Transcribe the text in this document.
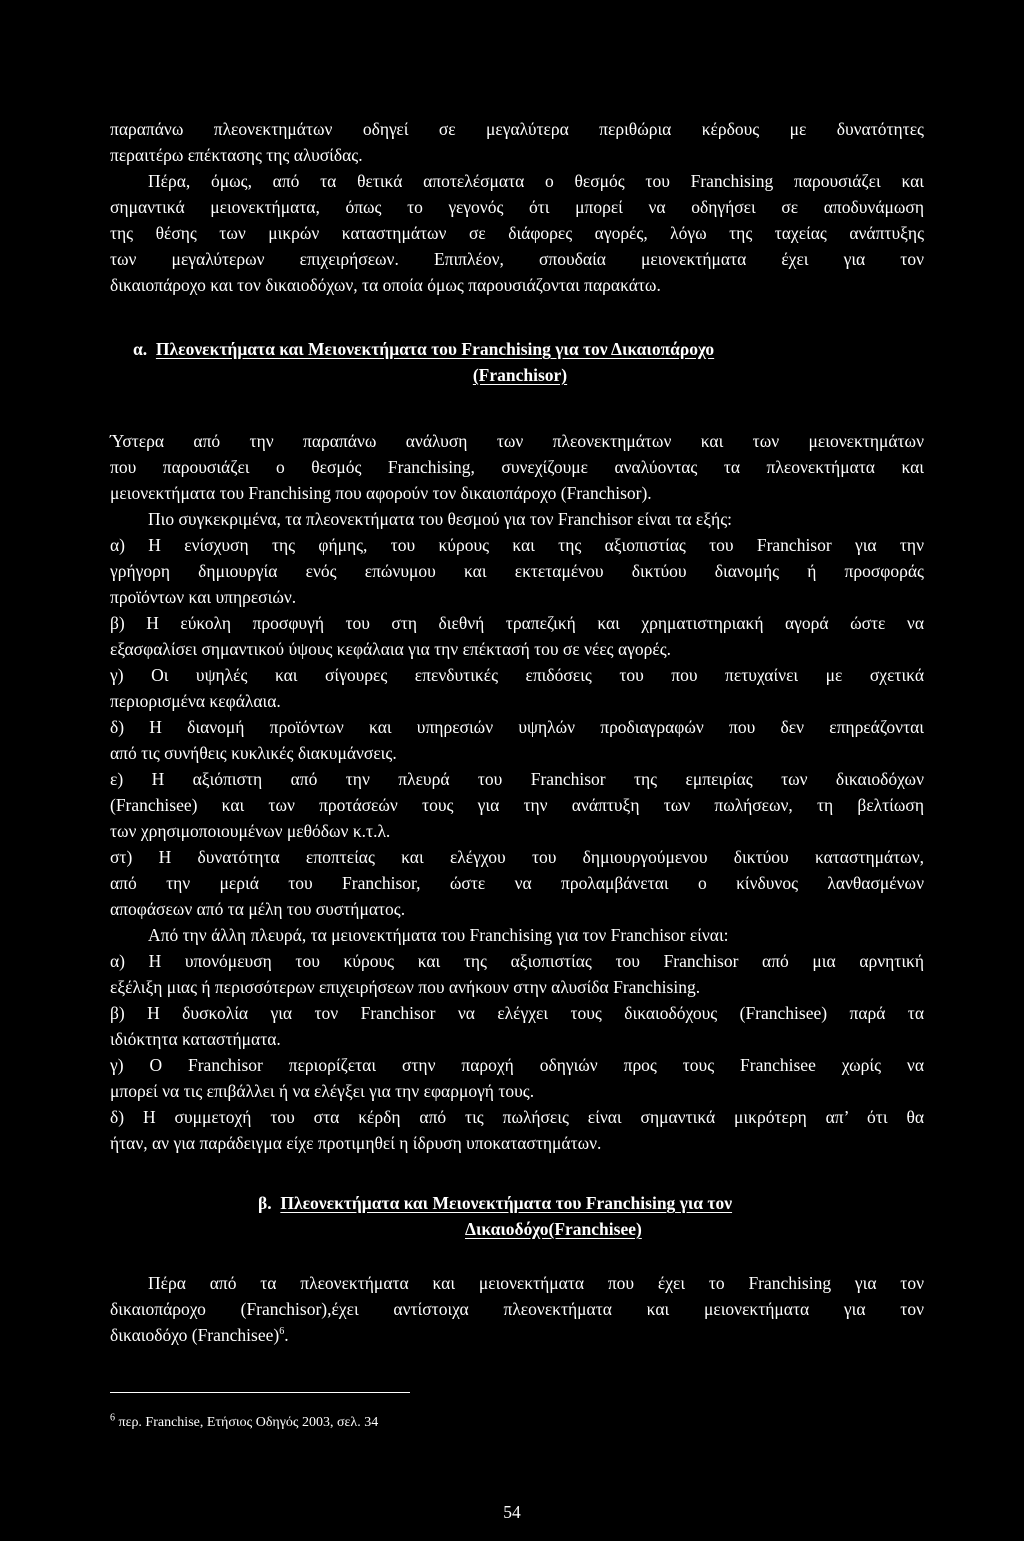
παραπάνω πλεονεκτημάτων οδηγεί σε μεγαλύτερα περιθώρια κέρδους με δυνατότητες
περαιτέρω επέκτασης της αλυσίδας.
Πέρα, όμως, από τα θετικά αποτελέσματα ο θεσμός του Franchising παρουσιάζει και
σημαντικά μειονεκτήματα, όπως το γεγονός ότι μπορεί να οδηγήσει σε αποδυνάμωση
της θέσης των μικρών καταστημάτων σε διάφορες αγορές, λόγω της ταχείας ανάπτυξης
των μεγαλύτερων επιχειρήσεων. Επιπλέον, σπουδαία μειονεκτήματα έχει για τον
δικαιοπάροχο και τον δικαιοδόχων, τα οποία όμως παρουσιάζονται παρακάτω.
Ύστερα από την παραπάνω ανάλυση των πλεονεκτημάτων και των μειονεκτημάτων
που παρουσιάζει ο θεσμός Franchising, συνεχίζουμε αναλύοντας τα πλεονεκτήματα και
μειονεκτήματα του Franchising που αφορούν τον δικαιοπάροχο (Franchisor).
Πιο συγκεκριμένα, τα πλεονεκτήματα του θεσμού για τον Franchisor είναι τα εξής:
α) Η ενίσχυση της φήμης, του κύρους και της αξιοπιστίας του Franchisor για την
γρήγορη δημιουργία ενός επώνυμου και εκτεταμένου δικτύου διανομής ή προσφοράς
προϊόντων και υπηρεσιών.
β) Η εύκολη προσφυγή του στη διεθνή τραπεζική και χρηματιστηριακή αγορά ώστε να
εξασφαλίσει σημαντικού ύψους κεφάλαια για την επέκτασή του σε νέες αγορές.
γ) Οι υψηλές και σίγουρες επενδυτικές επιδόσεις του που πετυχαίνει με σχετικά
περιορισμένα κεφάλαια.
δ) Η διανομή προϊόντων και υπηρεσιών υψηλών προδιαγραφών που δεν επηρεάζονται
από τις συνήθεις κυκλικές διακυμάνσεις.
ε) Η αξιόπιστη από την πλευρά του Franchisor της εμπειρίας των δικαιοδόχων
(Franchisee) και των προτάσεών τους για την ανάπτυξη των πωλήσεων, τη βελτίωση
των χρησιμοποιουμένων μεθόδων κ.τ.λ.
στ) Η δυνατότητα εποπτείας και ελέγχου του δημιουργούμενου δικτύου καταστημάτων,
από την μεριά του Franchisor, ώστε να προλαμβάνεται ο κίνδυνος λανθασμένων
αποφάσεων από τα μέλη του συστήματος.
Από την άλλη πλευρά, τα μειονεκτήματα του Franchising για τον Franchisor είναι:
α) Η υπονόμευση του κύρους και της αξιοπιστίας του Franchisor από μια αρνητική
εξέλιξη μιας ή περισσότερων επιχειρήσεων που ανήκουν στην αλυσίδα Franchising.
β) Η δυσκολία για τον Franchisor να ελέγχει τους δικαιοδόχους (Franchisee) παρά τα
ιδιόκτητα καταστήματα.
γ) Ο Franchisor περιορίζεται στην παροχή οδηγιών προς τους Franchisee χωρίς να
μπορεί να τις επιβάλλει ή να ελέγξει για την εφαρμογή τους.
δ) Η συμμετοχή του στα κέρδη από τις πωλήσεις είναι σημαντικά μικρότερη απ’ ότι θα
ήταν, αν για παράδειγμα είχε προτιμηθεί η ίδρυση υποκαταστημάτων.
Πέρα από τα πλεονεκτήματα και μειονεκτήματα που έχει το Franchising για τον
δικαιοπάροχο (Franchisor),έχει αντίστοιχα πλεονεκτήματα και μειονεκτήματα για τον
α. Πλεονεκτήματα και Μειονεκτήματα του Franchising για τον Δικαιοπάροχο
(Franchisor)
β. Πλεονεκτήματα και Μειονεκτήματα του Franchising για τον
Δικαιοδόχο(Franchisee)
δικαιοδόχο (Franchisee)$^6$.
$^6$ περ. Franchise, Ετήσιος Οδηγός 2003, σελ. 34
54
